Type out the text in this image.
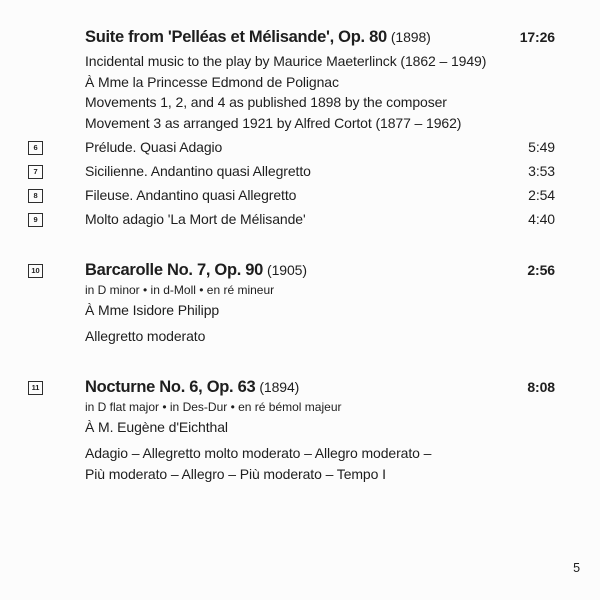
Suite from 'Pelléas et Mélisande', Op. 80 (1898)	17:26
Incidental music to the play by Maurice Maeterlinck (1862 – 1949)
À Mme la Princesse Edmond de Polignac
Movements 1, 2, and 4 as published 1898 by the composer
Movement 3 as arranged 1921 by Alfred Cortot (1877 – 1962)
6	Prélude. Quasi Adagio	5:49
7	Sicilienne. Andantino quasi Allegretto	3:53
8	Fileuse. Andantino quasi Allegretto	2:54
9	Molto adagio 'La Mort de Mélisande'	4:40
10	Barcarolle No. 7, Op. 90 (1905)	2:56
in D minor • in d-Moll • en ré mineur
À Mme Isidore Philipp
Allegretto moderato
11	Nocturne No. 6, Op. 63 (1894)	8:08
in D flat major • in Des-Dur • en ré bémol majeur
À M. Eugène d'Eichthal
Adagio – Allegretto molto moderato – Allegro moderato –
Più moderato – Allegro – Più moderato – Tempo I
5
